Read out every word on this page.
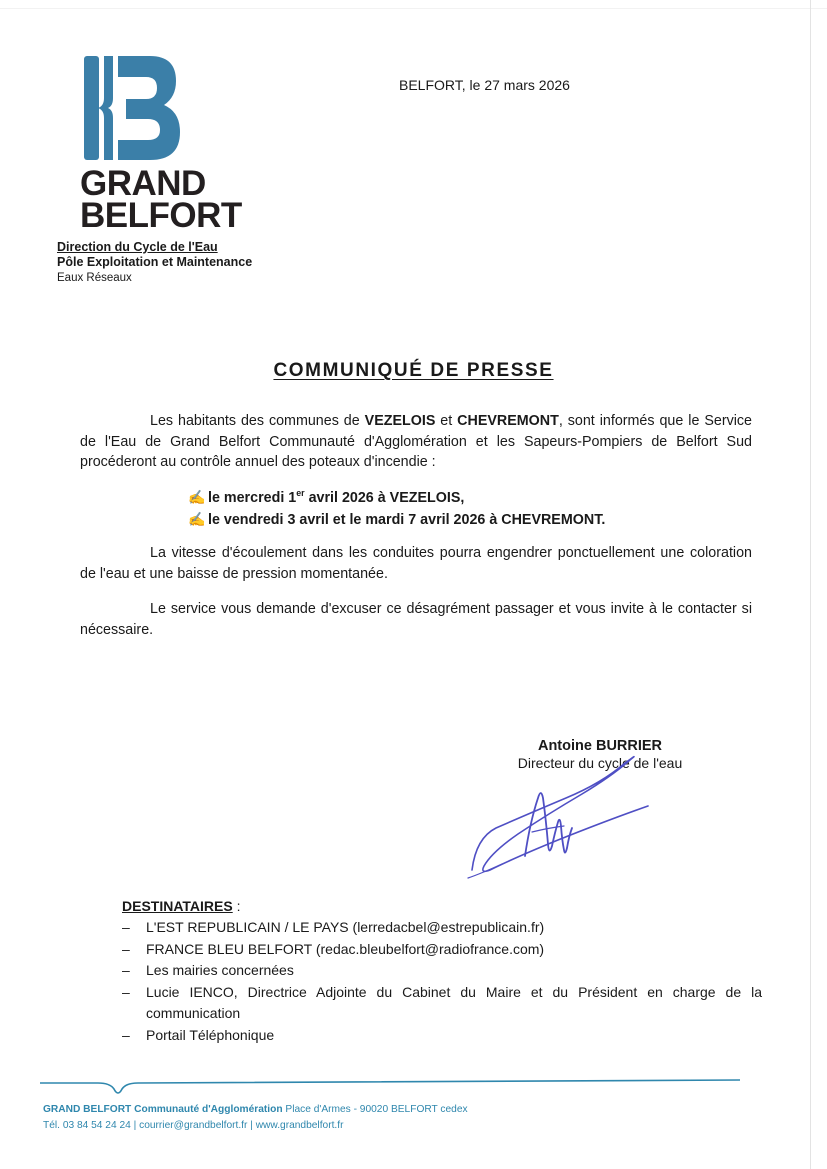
GRAND
BELFORT
Direction du Cycle de l'Eau
Pôle Exploitation et Maintenance
Eaux Réseaux
BELFORT, le 27 mars 2026
COMMUNIQUÉ DE PRESSE

Les habitants des communes de VEZELOIS et CHEVREMONT, sont informés que le Service de l'Eau de Grand Belfort Communauté d'Agglomération et les Sapeurs-Pompiers de Belfort Sud procéderont au contrôle annuel des poteaux d'incendie :

✍ le mercredi 1er avril 2026 à VEZELOIS,
✍ le vendredi 3 avril et le mardi 7 avril 2026 à CHEVREMONT.

La vitesse d'écoulement dans les conduites pourra engendrer ponctuellement une coloration de l'eau et une baisse de pression momentanée.

Le service vous demande d'excuser ce désagrément passager et vous invite à le contacter si nécessaire.

Antoine BURRIER
Directeur du cycle de l'eau
DESTINATAIRES :
–	L'EST REPUBLICAIN / LE PAYS (lerredacbel@estrepublicain.fr)
–	FRANCE BLEU BELFORT (redac.bleubelfort@radiofrance.com)
–	Les mairies concernées
–	Lucie IENCO, Directrice Adjointe du Cabinet du Maire et du Président en charge de la communication
–	Portail Téléphonique
GRAND BELFORT Communauté d'Agglomération Place d'Armes - 90020 BELFORT cedex
Tél. 03 84 54 24 24 | courrier@grandbelfort.fr | www.grandbelfort.fr
